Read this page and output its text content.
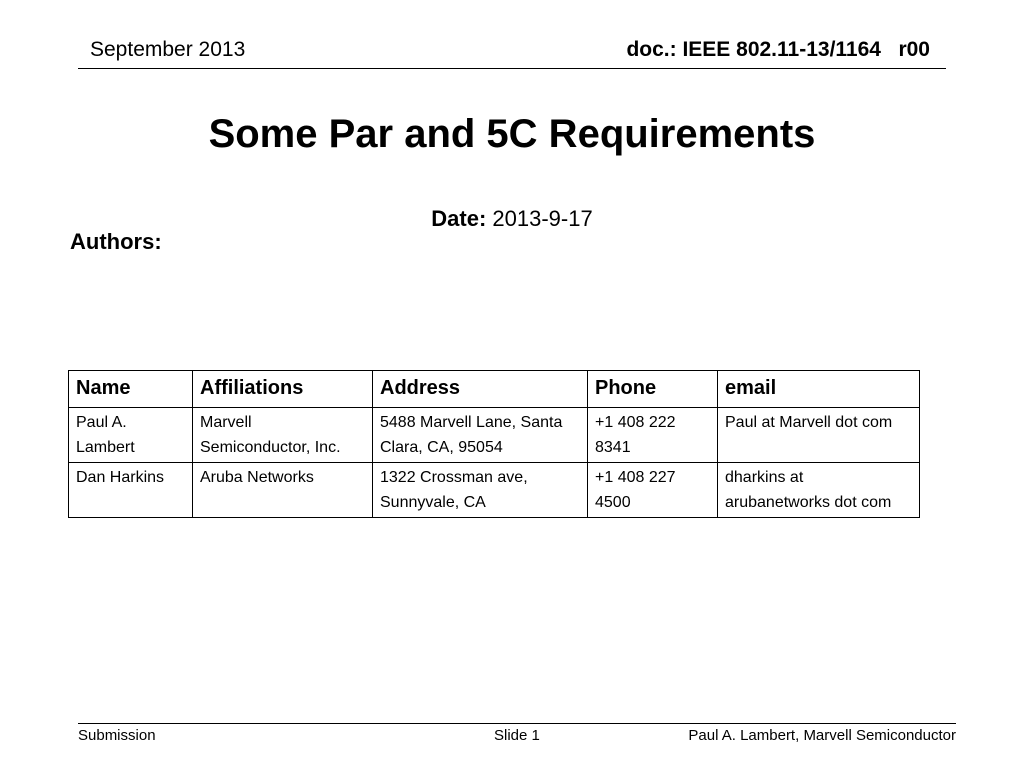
September 2013	doc.: IEEE 802.11-13/1164   r00
Some Par and 5C Requirements
Date: 2013-9-17
Authors:
Name	Affiliations	Address	Phone	email
Paul A. Lambert	Marvell Semiconductor, Inc.	5488 Marvell Lane, Santa Clara, CA, 95054	+1 408 222 8341	Paul at Marvell dot com
Dan Harkins	Aruba Networks	1322 Crossman ave, Sunnyvale, CA	+1 408 227 4500	dharkins at arubanetworks dot com
Submission	Slide 1	Paul A. Lambert, Marvell Semiconductor
